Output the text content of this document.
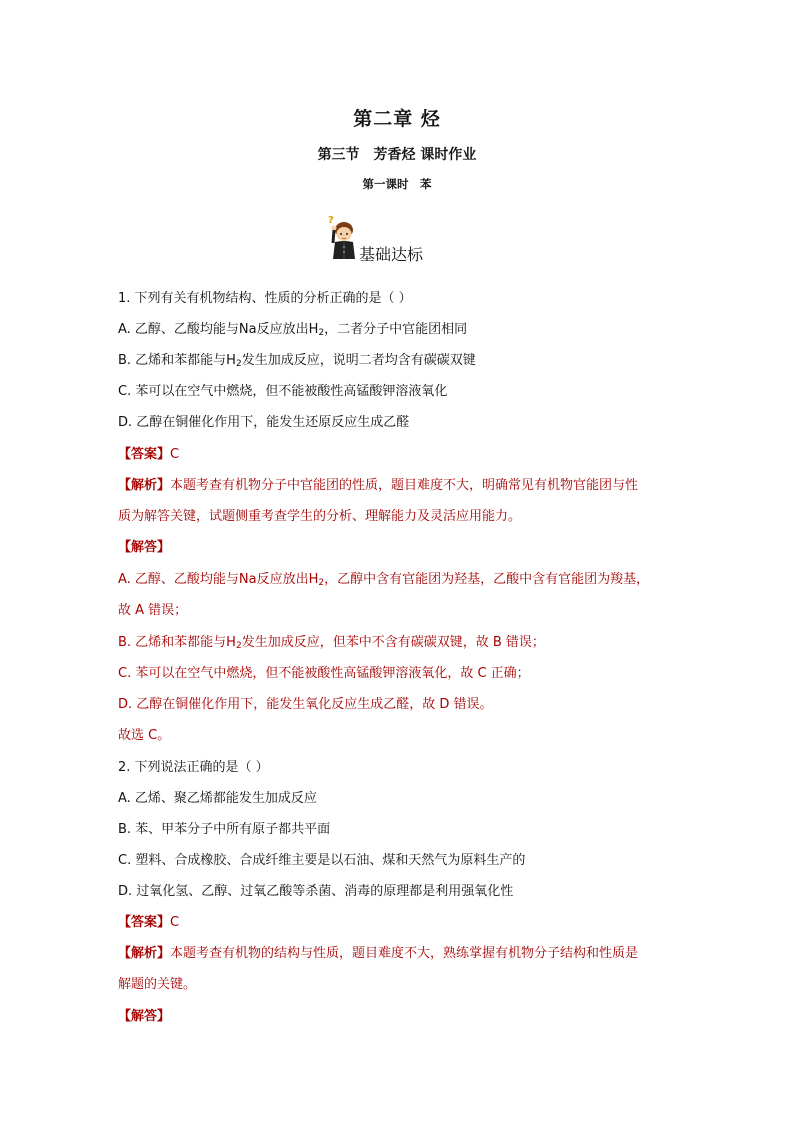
第二章 烃
第三节　芳香烃 课时作业
第一课时　苯
?
基础达标
1. 下列有关有机物结构、性质的分析正确的是（ ）
A. 乙醇、乙酸均能与Na反应放出$H_2$，二者分子中官能团相同
B. 乙烯和苯都能与$H_2$发生加成反应，说明二者均含有碳碳双键
C. 苯可以在空气中燃烧，但不能被酸性高锰酸钾溶液氧化
D. 乙醇在铜催化作用下，能发生还原反应生成乙醛
【答案】C
【解析】本题考查有机物分子中官能团的性质，题目难度不大，明确常见有机物官能团与性
质为解答关键，试题侧重考查学生的分析、理解能力及灵活应用能力。
【解答】
A. 乙醇、乙酸均能与Na反应放出$H_2$，乙醇中含有官能团为羟基，乙酸中含有官能团为羧基，
故 A 错误；
B. 乙烯和苯都能与$H_2$发生加成反应，但苯中不含有碳碳双键，故 B 错误；
C. 苯可以在空气中燃烧，但不能被酸性高锰酸钾溶液氧化，故 C 正确；
D. 乙醇在铜催化作用下，能发生氧化反应生成乙醛，故 D 错误。
故选 C。
2. 下列说法正确的是（ ）
A. 乙烯、聚乙烯都能发生加成反应
B. 苯、甲苯分子中所有原子都共平面
C. 塑料、合成橡胶、合成纤维主要是以石油、煤和天然气为原料生产的
D. 过氧化氢、乙醇、过氧乙酸等杀菌、消毒的原理都是利用强氧化性
【答案】C
【解析】本题考查有机物的结构与性质，题目难度不大，熟练掌握有机物分子结构和性质是
解题的关键。
【解答】
